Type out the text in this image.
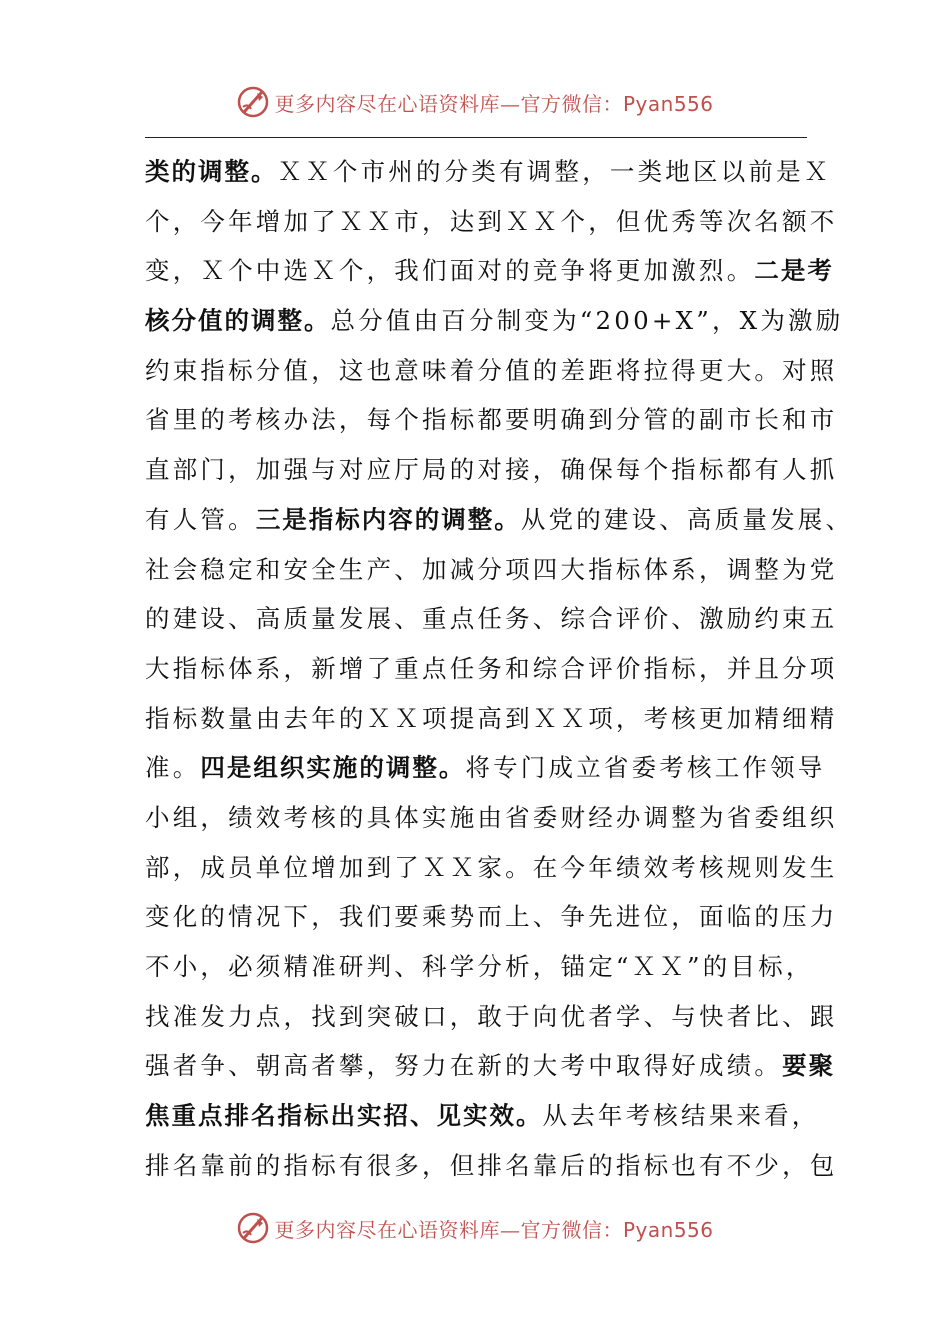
更多内容尽在心语资料库—官方微信：Pyan556
类的调整。ＸＸ个市州的分类有调整，一类地区以前是Ｘ
个，今年增加了ＸＸ市，达到ＸＸ个，但优秀等次名额不
变，Ｘ个中选Ｘ个，我们面对的竞争将更加激烈。二是考
核分值的调整。总分值由百分制变为“200+X”，X为激励
约束指标分值，这也意味着分值的差距将拉得更大。对照
省里的考核办法，每个指标都要明确到分管的副市长和市
直部门，加强与对应厅局的对接，确保每个指标都有人抓
有人管。三是指标内容的调整。从党的建设、高质量发展、
社会稳定和安全生产、加减分项四大指标体系，调整为党
的建设、高质量发展、重点任务、综合评价、激励约束五
大指标体系，新增了重点任务和综合评价指标，并且分项
指标数量由去年的ＸＸ项提高到ＸＸ项，考核更加精细精
准。四是组织实施的调整。将专门成立省委考核工作领导
小组，绩效考核的具体实施由省委财经办调整为省委组织
部，成员单位增加到了ＸＸ家。在今年绩效考核规则发生
变化的情况下，我们要乘势而上、争先进位，面临的压力
不小，必须精准研判、科学分析，锚定“ＸＸ”的目标，
找准发力点，找到突破口，敢于向优者学、与快者比、跟
强者争、朝高者攀，努力在新的大考中取得好成绩。要聚
焦重点排名指标出实招、见实效。从去年考核结果来看，
排名靠前的指标有很多，但排名靠后的指标也有不少，包
更多内容尽在心语资料库—官方微信：Pyan556
